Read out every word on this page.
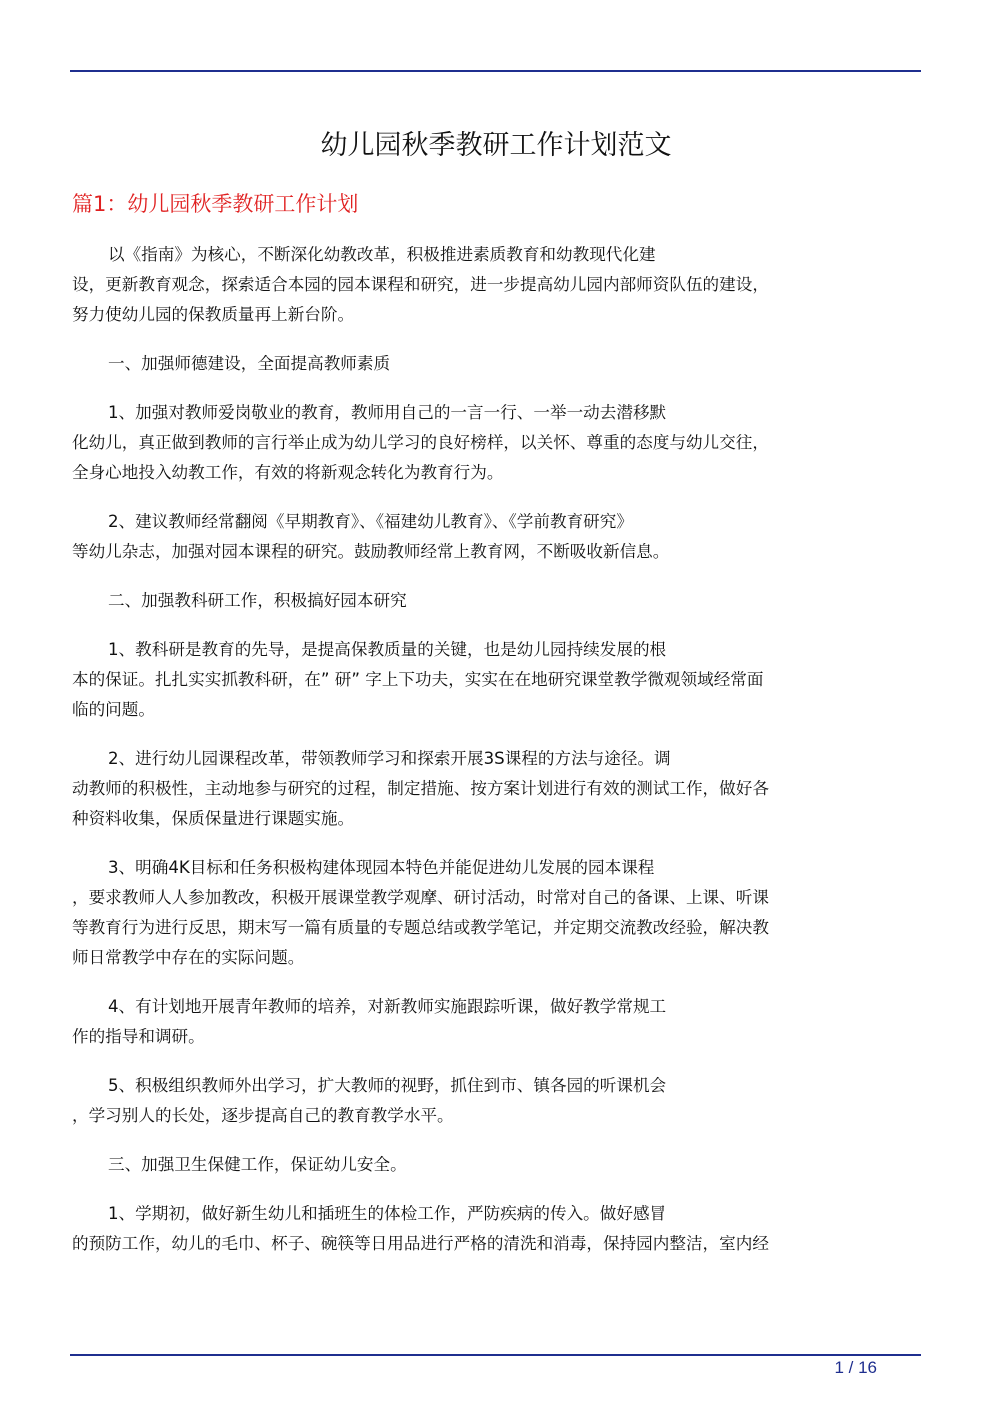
幼儿园秋季教研工作计划范文
篇1：幼儿园秋季教研工作计划

以《指南》为核心，不断深化幼教改革，积极推进素质教育和幼教现代化建
设，更新教育观念，探索适合本园的园本课程和研究，进一步提高幼儿园内部师资队伍的建设，
努力使幼儿园的保教质量再上新台阶。

一、加强师德建设，全面提高教师素质

1、加强对教师爱岗敬业的教育，教师用自己的一言一行、一举一动去潜移默
化幼儿，真正做到教师的言行举止成为幼儿学习的良好榜样，以关怀、尊重的态度与幼儿交往，
全身心地投入幼教工作，有效的将新观念转化为教育行为。

2、建议教师经常翻阅《早期教育》、《福建幼儿教育》、《学前教育研究》
等幼儿杂志，加强对园本课程的研究。鼓励教师经常上教育网，不断吸收新信息。

二、加强教科研工作，积极搞好园本研究

1、教科研是教育的先导，是提高保教质量的关键，也是幼儿园持续发展的根
本的保证。扎扎实实抓教科研，在” 研” 字上下功夫，实实在在地研究课堂教学微观领域经常面
临的问题。

2、进行幼儿园课程改革，带领教师学习和探索开展3S课程的方法与途径。调
动教师的积极性，主动地参与研究的过程，制定措施、按方案计划进行有效的测试工作，做好各
种资料收集，保质保量进行课题实施。

3、明确4K目标和任务积极构建体现园本特色并能促进幼儿发展的园本课程
，要求教师人人参加教改，积极开展课堂教学观摩、研讨活动，时常对自己的备课、上课、听课
等教育行为进行反思，期末写一篇有质量的专题总结或教学笔记，并定期交流教改经验，解决教
师日常教学中存在的实际问题。

4、有计划地开展青年教师的培养，对新教师实施跟踪听课，做好教学常规工
作的指导和调研。

5、积极组织教师外出学习，扩大教师的视野，抓住到市、镇各园的听课机会
，学习别人的长处，逐步提高自己的教育教学水平。

三、加强卫生保健工作，保证幼儿安全。

1、学期初，做好新生幼儿和插班生的体检工作，严防疾病的传入。做好感冒
的预防工作，幼儿的毛巾、杯子、碗筷等日用品进行严格的清洗和消毒，保持园内整洁，室内经

1 / 16
